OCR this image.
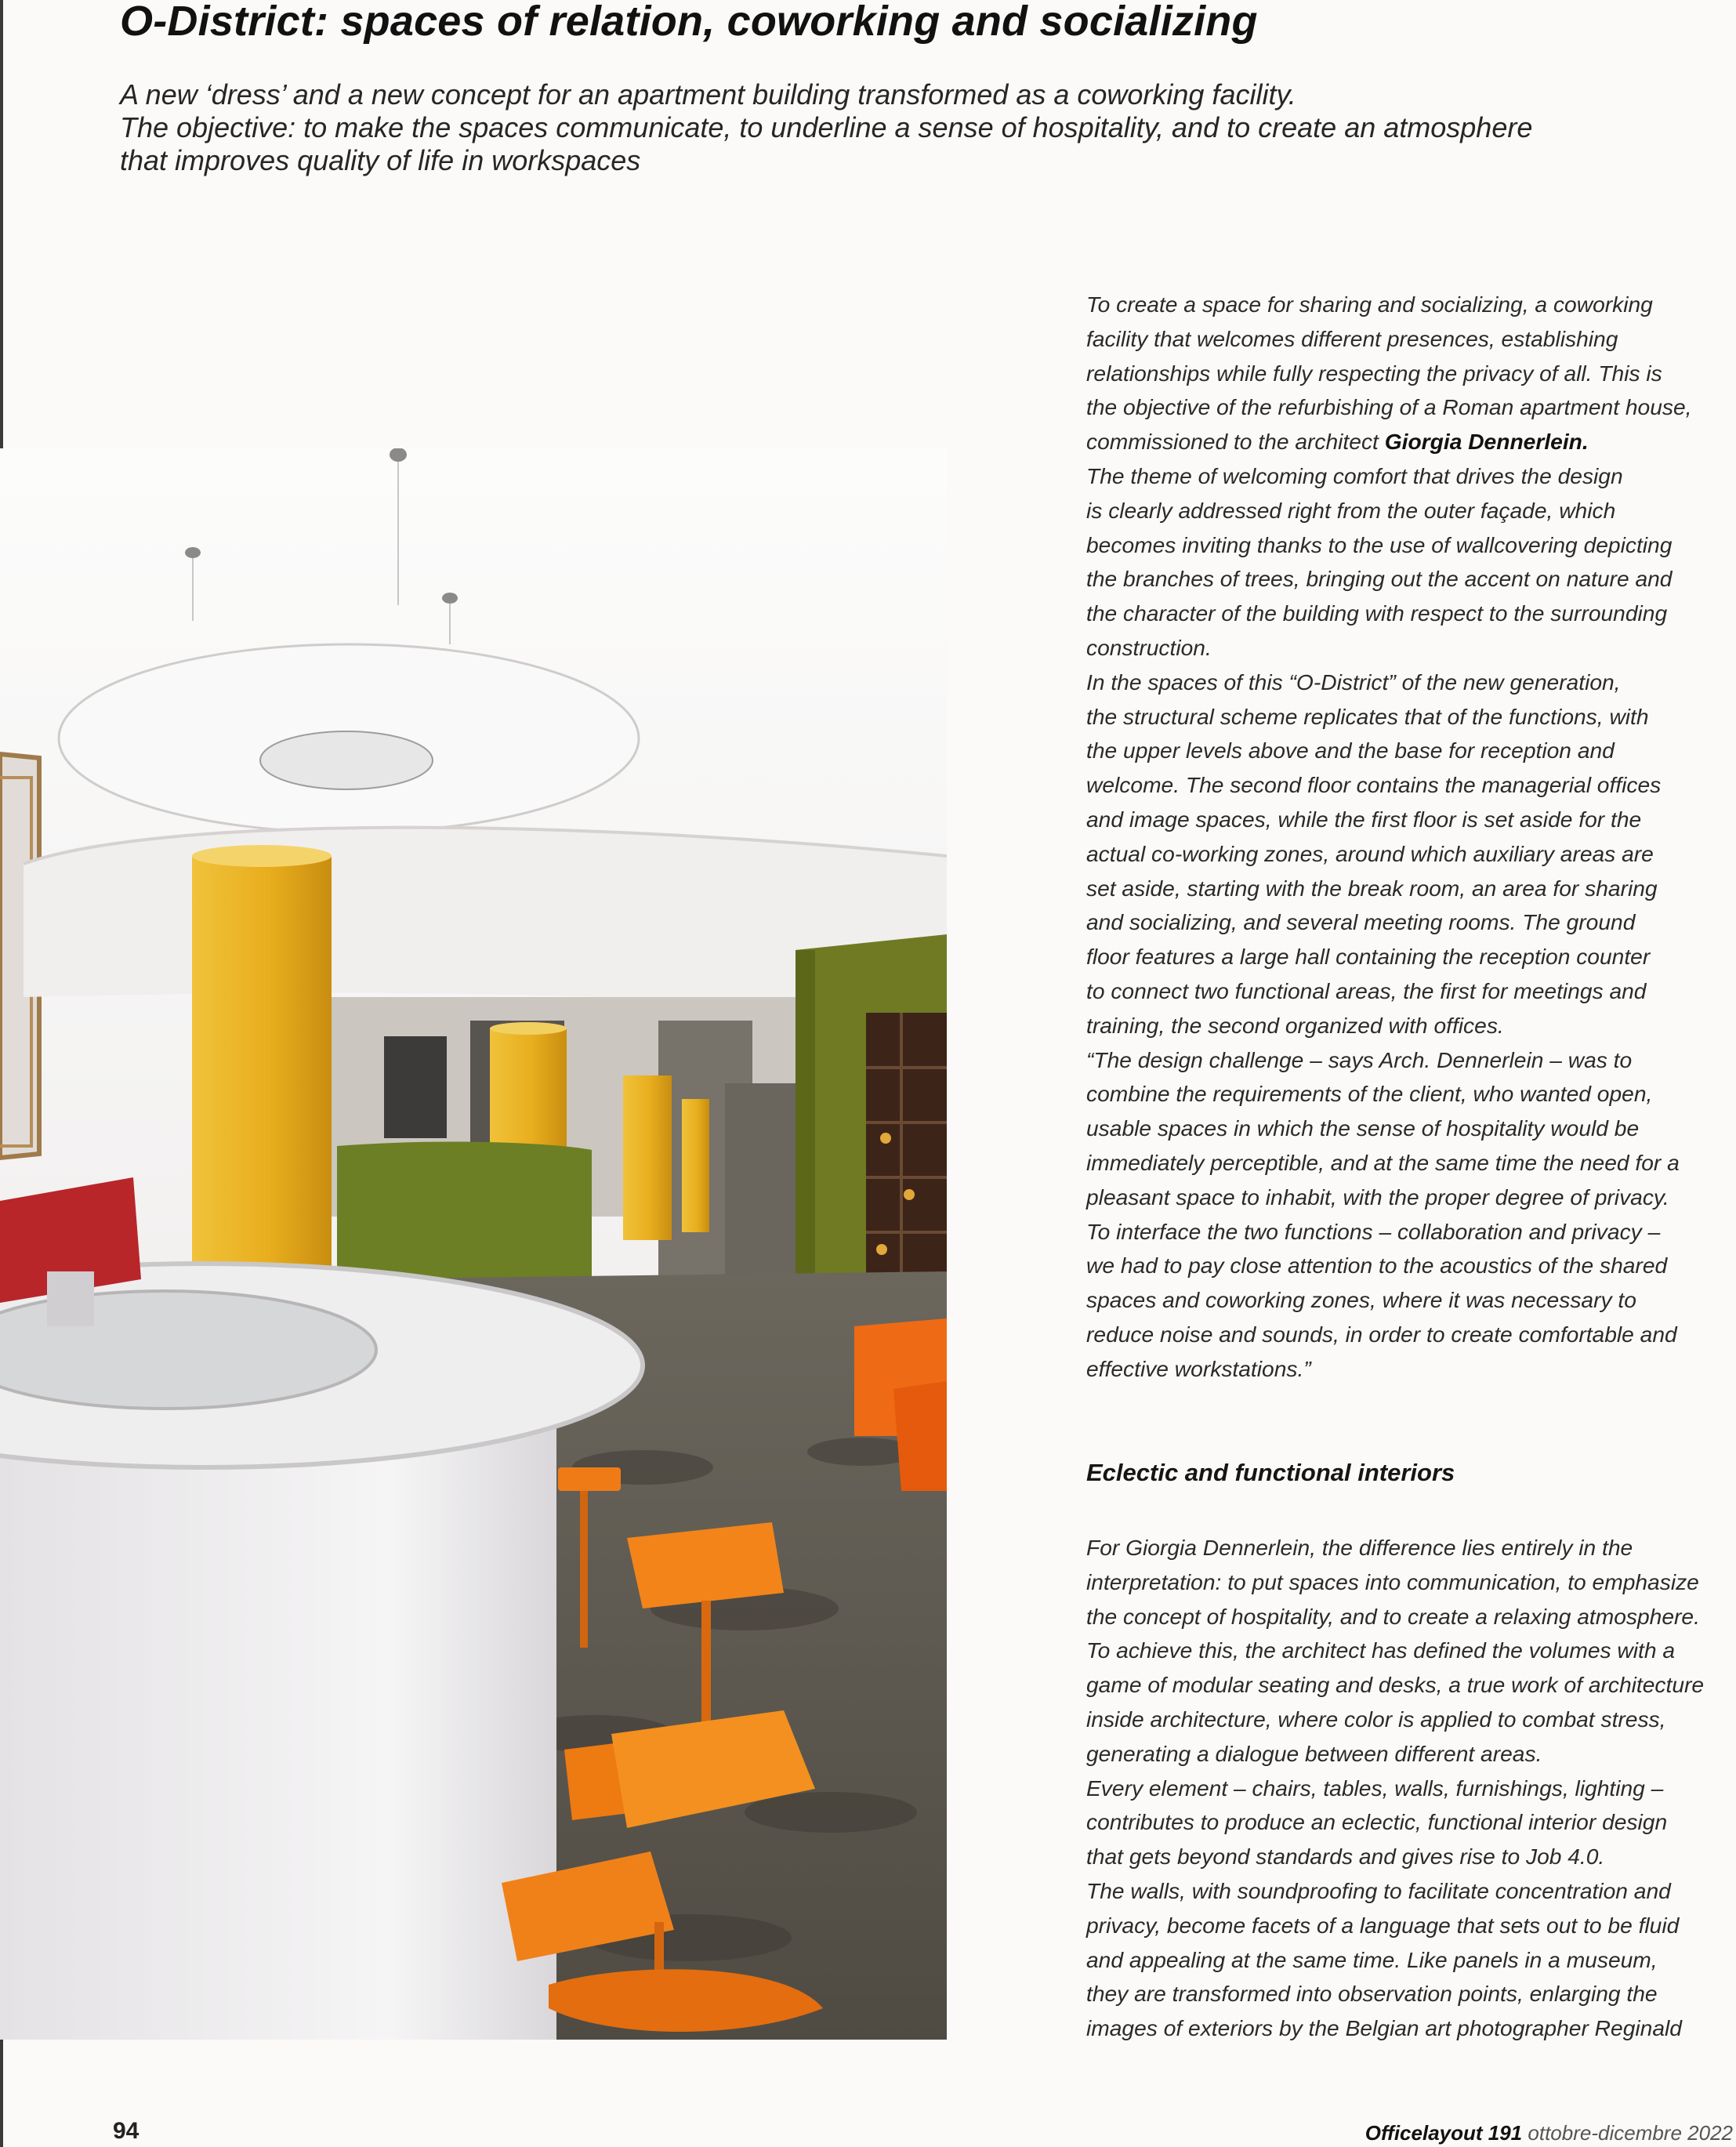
O-District: spaces of relation, coworking and socializing
A new ‘dress’ and a new concept for an apartment building transformed as a coworking facility.
The objective: to make the spaces communicate, to underline a sense of hospitality, and to create an atmosphere
that improves quality of life in workspaces
To create a space for sharing and socializing, a coworking
facility that welcomes different presences, establishing
relationships while fully respecting the privacy of all. This is
the objective of the refurbishing of a Roman apartment house,
commissioned to the architect Giorgia Dennerlein.
The theme of welcoming comfort that drives the design
is clearly addressed right from the outer façade, which
becomes inviting thanks to the use of wallcovering depicting
the branches of trees, bringing out the accent on nature and
the character of the building with respect to the surrounding
construction.
In the spaces of this “O-District” of the new generation,
the structural scheme replicates that of the functions, with
the upper levels above and the base for reception and
welcome. The second floor contains the managerial offices
and image spaces, while the first floor is set aside for the
actual co-working zones, around which auxiliary areas are
set aside, starting with the break room, an area for sharing
and socializing, and several meeting rooms. The ground
floor features a large hall containing the reception counter
to connect two functional areas, the first for meetings and
training, the second organized with offices.
“The design challenge – says Arch. Dennerlein – was to
combine the requirements of the client, who wanted open,
usable spaces in which the sense of hospitality would be
immediately perceptible, and at the same time the need for a
pleasant space to inhabit, with the proper degree of privacy.
To interface the two functions – collaboration and privacy –
we had to pay close attention to the acoustics of the shared
spaces and coworking zones, where it was necessary to
reduce noise and sounds, in order to create comfortable and
effective workstations.”
Eclectic and functional interiors
For Giorgia Dennerlein, the difference lies entirely in the
interpretation: to put spaces into communication, to emphasize
the concept of hospitality, and to create a relaxing atmosphere.
To achieve this, the architect has defined the volumes with a
game of modular seating and desks, a true work of architecture
inside architecture, where color is applied to combat stress,
generating a dialogue between different areas.
Every element – chairs, tables, walls, furnishings, lighting –
contributes to produce an eclectic, functional interior design
that gets beyond standards and gives rise to Job 4.0.
The walls, with soundproofing to facilitate concentration and
privacy, become facets of a language that sets out to be fluid
and appealing at the same time. Like panels in a museum,
they are transformed into observation points, enlarging the
images of exteriors by the Belgian art photographer Reginald
94	Officelayout 191 ottobre-dicembre 2022
